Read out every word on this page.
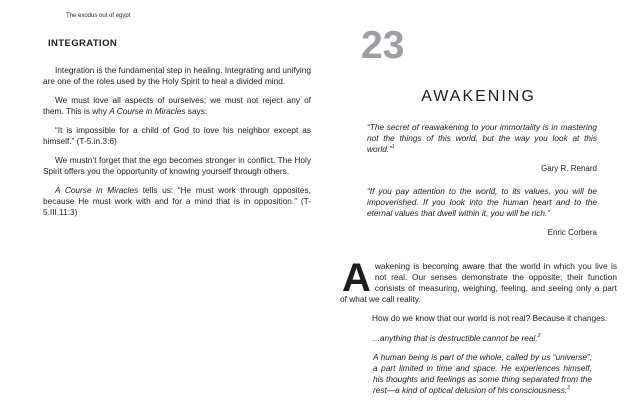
The exodus out of egypt
INTEGRATION

Integration is the fundamental step in healing. Integrating and unifying are one of the roles used by the Holy Spirit to heal a divided mind.

We must love all aspects of ourselves; we must not reject any of them. This is why A Course in Miracles says:

“It is impossible for a child of God to love his neighbor except as himself.” (T-5.in.3:6)

We mustn’t forget that the ego becomes stronger in conflict. The Holy Spirit offers you the opportunity of knowing yourself through others.

A Course in Miracles tells us: “He must work through opposites, because He must work with and for a mind that is in opposition.” (T-5.III.11:3)

23
AWAKENING
“The secret of reawakening to your immortality is in mastering not the things of this world, but the way you look at this world.”$^1$
Gary R. Renard
“If you pay attention to the world, to its values, you will be impoverished. If you look into the human heart and to the eternal values that dwell within it, you will be rich.”
Enric Corbera

Awakening is becoming aware that the world in which you live is not real. Our senses demonstrate the opposite; their function consists of measuring, weighing, feeling, and seeing only a part of what we call reality.

How do we know that our world is not real? Because it changes.

...anything that is destructible cannot be real.$^2$

A human being is part of the whole, called by us “universe”; a part limited in time and space. He experiences himself, his thoughts and feelings as some thing separated from the rest—a kind of optical delusion of his consciousness.$^3$
